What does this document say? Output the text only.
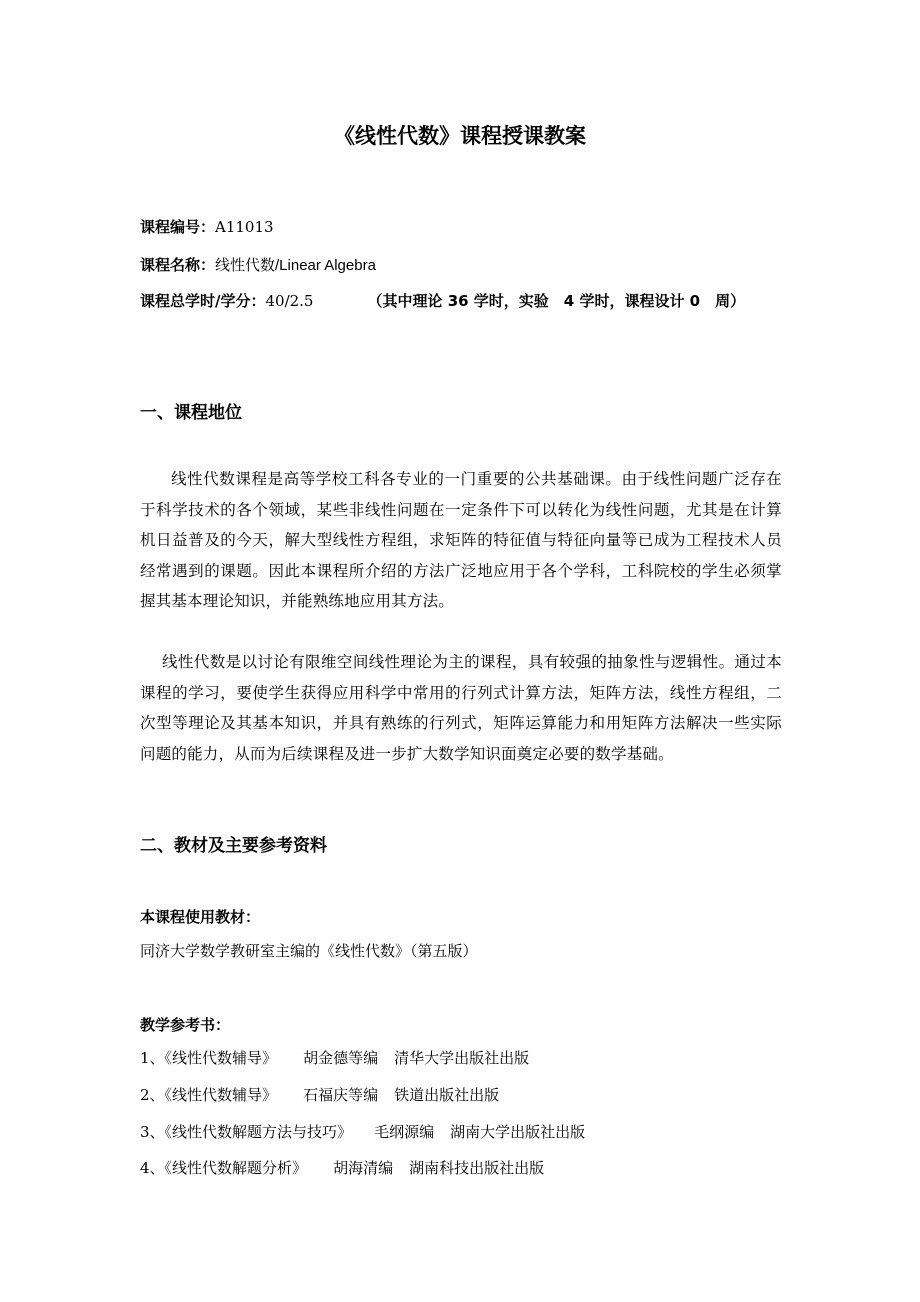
《线性代数》课程授课教案
课程编号：A11013
课程名称：线性代数/Linear Algebra
课程总学时/学分：40/2.5	（其中理论 36 学时，实验　4 学时，课程设计 0　周）
一、课程地位

线性代数课程是高等学校工科各专业的一门重要的公共基础课。由于线性问题广泛存在于科学技术的各个领域，某些非线性问题在一定条件下可以转化为线性问题，尤其是在计算机日益普及的今天，解大型线性方程组，求矩阵的特征值与特征向量等已成为工程技术人员经常遇到的课题。因此本课程所介绍的方法广泛地应用于各个学科，工科院校的学生必须掌握其基本理论知识，并能熟练地应用其方法。

线性代数是以讨论有限维空间线性理论为主的课程，具有较强的抽象性与逻辑性。通过本课程的学习，要使学生获得应用科学中常用的行列式计算方法，矩阵方法，线性方程组，二次型等理论及其基本知识，并具有熟练的行列式，矩阵运算能力和用矩阵方法解决一些实际问题的能力，从而为后续课程及进一步扩大数学知识面奠定必要的数学基础。

二、教材及主要参考资料
本课程使用教材：
同济大学数学教研室主编的《线性代数》（第五版）
教学参考书：
1、《线性代数辅导》 胡金德等编 清华大学出版社出版
2、《线性代数辅导》 石福庆等编 铁道出版社出版
3、《线性代数解题方法与技巧》 毛纲源编 湖南大学出版社出版
4、《线性代数解题分析》 胡海清编 湖南科技出版社出版
